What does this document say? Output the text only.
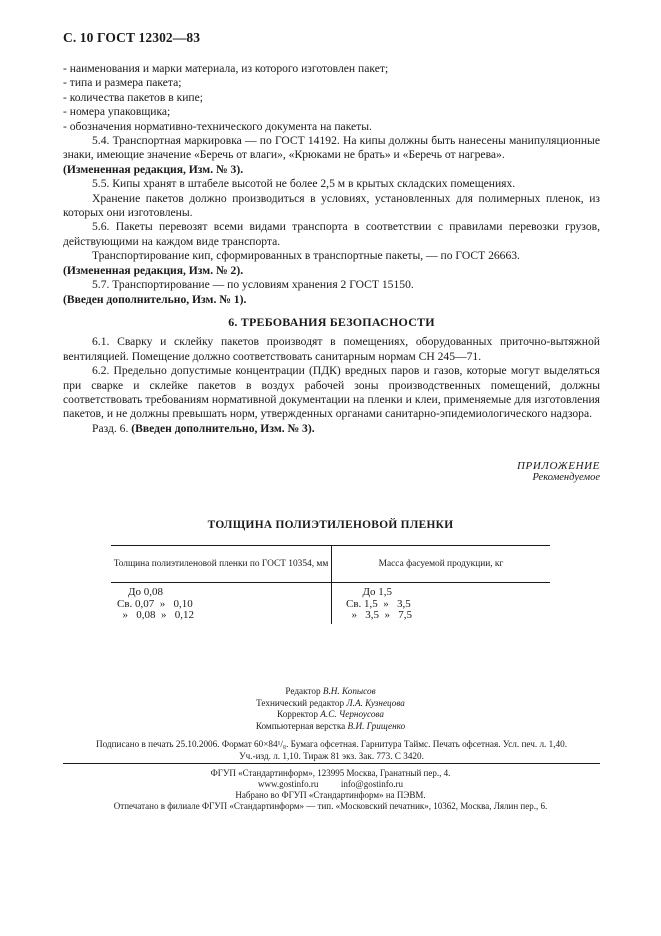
С. 10 ГОСТ 12302—83

- наименования и марки материала, из которого изготовлен пакет;

- типа и размера пакета;

- количества пакетов в кипе;

- номера упаковщика;

- обозначения нормативно-технического документа на пакеты.

5.4. Транспортная маркировка — по ГОСТ 14192. На кипы должны быть нанесены манипуляционные знаки, имеющие значение «Беречь от влаги», «Крюками не брать» и «Беречь от нагрева».

(Измененная редакция, Изм. № 3).

5.5. Кипы хранят в штабеле высотой не более 2,5 м в крытых складских помещениях.

Хранение пакетов должно производиться в условиях, установленных для полимерных пленок, из которых они изготовлены.

5.6. Пакеты перевозят всеми видами транспорта в соответствии с правилами перевозки грузов, действующими на каждом виде транспорта.

Транспортирование кип, сформированных в транспортные пакеты, — по ГОСТ 26663.

(Измененная редакция, Изм. № 2).

5.7. Транспортирование — по условиям хранения 2 ГОСТ 15150.

(Введен дополнительно, Изм. № 1).

6. ТРЕБОВАНИЯ БЕЗОПАСНОСТИ

6.1. Сварку и склейку пакетов производят в помещениях, оборудованных приточно-вытяжной вентиляцией. Помещение должно соответствовать санитарным нормам СН 245—71.

6.2. Предельно допустимые концентрации (ПДК) вредных паров и газов, которые могут выделяться при сварке и склейке пакетов в воздух рабочей зоны производственных помещений, должны соответствовать требованиям нормативной документации на пленки и клеи, применяемые для изготовления пакетов, и не должны превышать норм, утвержденных органами санитарно-эпидемиологического надзора.

Разд. 6. (Введен дополнительно, Изм. № 3).

ПРИЛОЖЕНИЕ
Рекомендуемое
ТОЛЩИНА ПОЛИЭТИЛЕНОВОЙ ПЛЕНКИ
Толщина полиэтиленовой пленки по ГОСТ 10354, мм	Масса фасуемой продукции, кг
До 0,08
Св. 0,07  »   0,10
»   0,08  »   0,12
До 1,5
Св. 1,5  »   3,5
»   3,5  »   7,5
Редактор В.Н. Копысов
Технический редактор Л.А. Кузнецова
Корректор А.С. Черноусова
Компьютерная верстка В.И. Грищенко
Подписано в печать 25.10.2006. Формат 60×84¹/₈. Бумага офсетная. Гарнитура Таймс. Печать офсетная. Усл. печ. л. 1,40.
Уч.-изд. л. 1,10. Тираж 81 экз. Зак. 773. С 3420.
ФГУП «Стандартинформ», 123995 Москва, Гранатный пер., 4.
www.gostinfo.ru          info@gostinfo.ru
Набрано во ФГУП «Стандартинформ» на ПЭВМ.
Отпечатано в филиале ФГУП «Стандартинформ» — тип. «Московский печатник», 10362, Москва, Лялин пер., 6.
